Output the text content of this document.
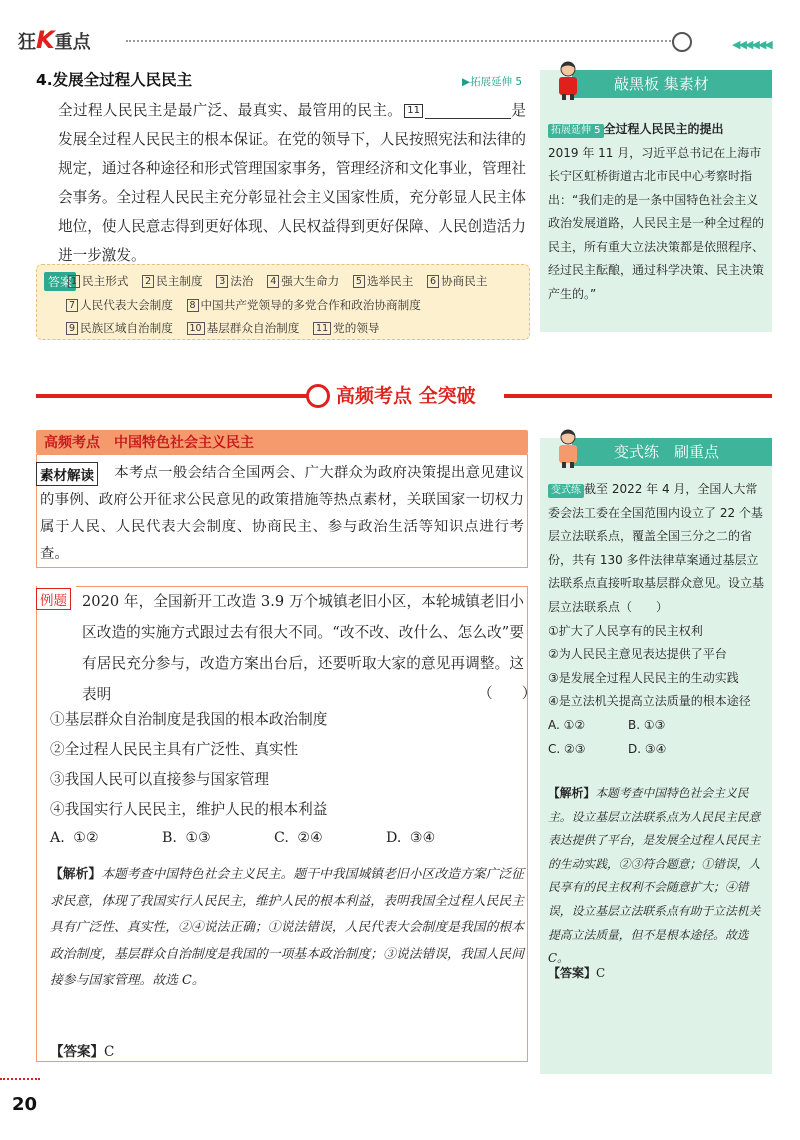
狂K重点	◀◀◀◀◀◀
4.发展全过程人民民主	▶拓展延伸 5
全过程人民民主是最广泛、最真实、最管用的民主。 11	是发展全过程人民民主的根本保证。在党的领导下，人民按照宪法和法律的规定，通过各种途径和形式管理国家事务，管理经济和文化事业，管理社会事务。全过程人民民主充分彰显社会主义国家性质，充分彰显人民主体地位，使人民意志得到更好体现、人民权益得到更好保障、人民创造活力进一步激发。
答案
1 民主形式 2 民主制度 3 法治 4 强大生命力 5 选举民主 6 协商民主 7 人民代表大会制度 8 中国共产党领导的多党合作和政治协商制度 9 民族区域自治制度 10 基层群众自治制度 11 党的领导
敲黑板 集素材
拓展延伸 5 全过程人民民主的提出
2019 年 11 月，习近平总书记在上海市长宁区虹桥街道古北市民中心考察时指出：“我们走的是一条中国特色社会主义政治发展道路，人民民主是一种全过程的民主，所有重大立法决策都是依照程序、经过民主酝酿，通过科学决策、民主决策产生的。”
高频考点 全突破
高频考点　中国特色社会主义民主
本考点一般会结合全国两会、广大群众为政府决策提出意见建议的事例、政府公开征求公民意见的政策措施等热点素材，关联国家一切权力属于人民、人民代表大会制度、协商民主、参与政治生活等知识点进行考查。
素材解读
例题 2020 年，全国新开工改造 3.9 万个城镇老旧小区，本轮城镇老旧小区改造的实施方式跟过去有很大不同。“改不改、改什么、怎么改”要有居民充分参与，改造方案出台后，还要听取大家的意见再调整。这表明	（　　）
①基层群众自治制度是我国的根本政治制度
②全过程人民民主具有广泛性、真实性
③我国人民可以直接参与国家管理
④我国实行人民民主，维护人民的根本利益
A. ①②	B. ①③	C. ②④	D. ③④
【解析】本题考查中国特色社会主义民主。题干中我国城镇老旧小区改造方案广泛征求民意，体现了我国实行人民民主，维护人民的根本利益，表明我国全过程人民民主具有广泛性、真实性，②④说法正确；①说法错误，人民代表大会制度是我国的根本政治制度，基层群众自治制度是我国的一项基本政治制度；③说法错误，我国人民间接参与国家管理。故选 C。
【答案】C
变式练　刷重点
变式练 截至 2022 年 4 月，全国人大常委会法工委在全国范围内设立了 22 个基层立法联系点，覆盖全国三分之二的省份，共有 130 多件法律草案通过基层立法联系点直接听取基层群众意见。设立基层立法联系点（　　）
①扩大了人民享有的民主权利
②为人民民主意见表达提供了平台
③是发展全过程人民民主的生动实践
④是立法机关提高立法质量的根本途径
A. ①②	B. ①③
C. ②③	D. ③④
【解析】本题考查中国特色社会主义民主。设立基层立法联系点为人民民主民意表达提供了平台，是发展全过程人民民主的生动实践，②③符合题意；①错误，人民享有的民主权利不会随意扩大；④错误，设立基层立法联系点有助于立法机关提高立法质量，但不是根本途径。故选 C。
【答案】C
20
